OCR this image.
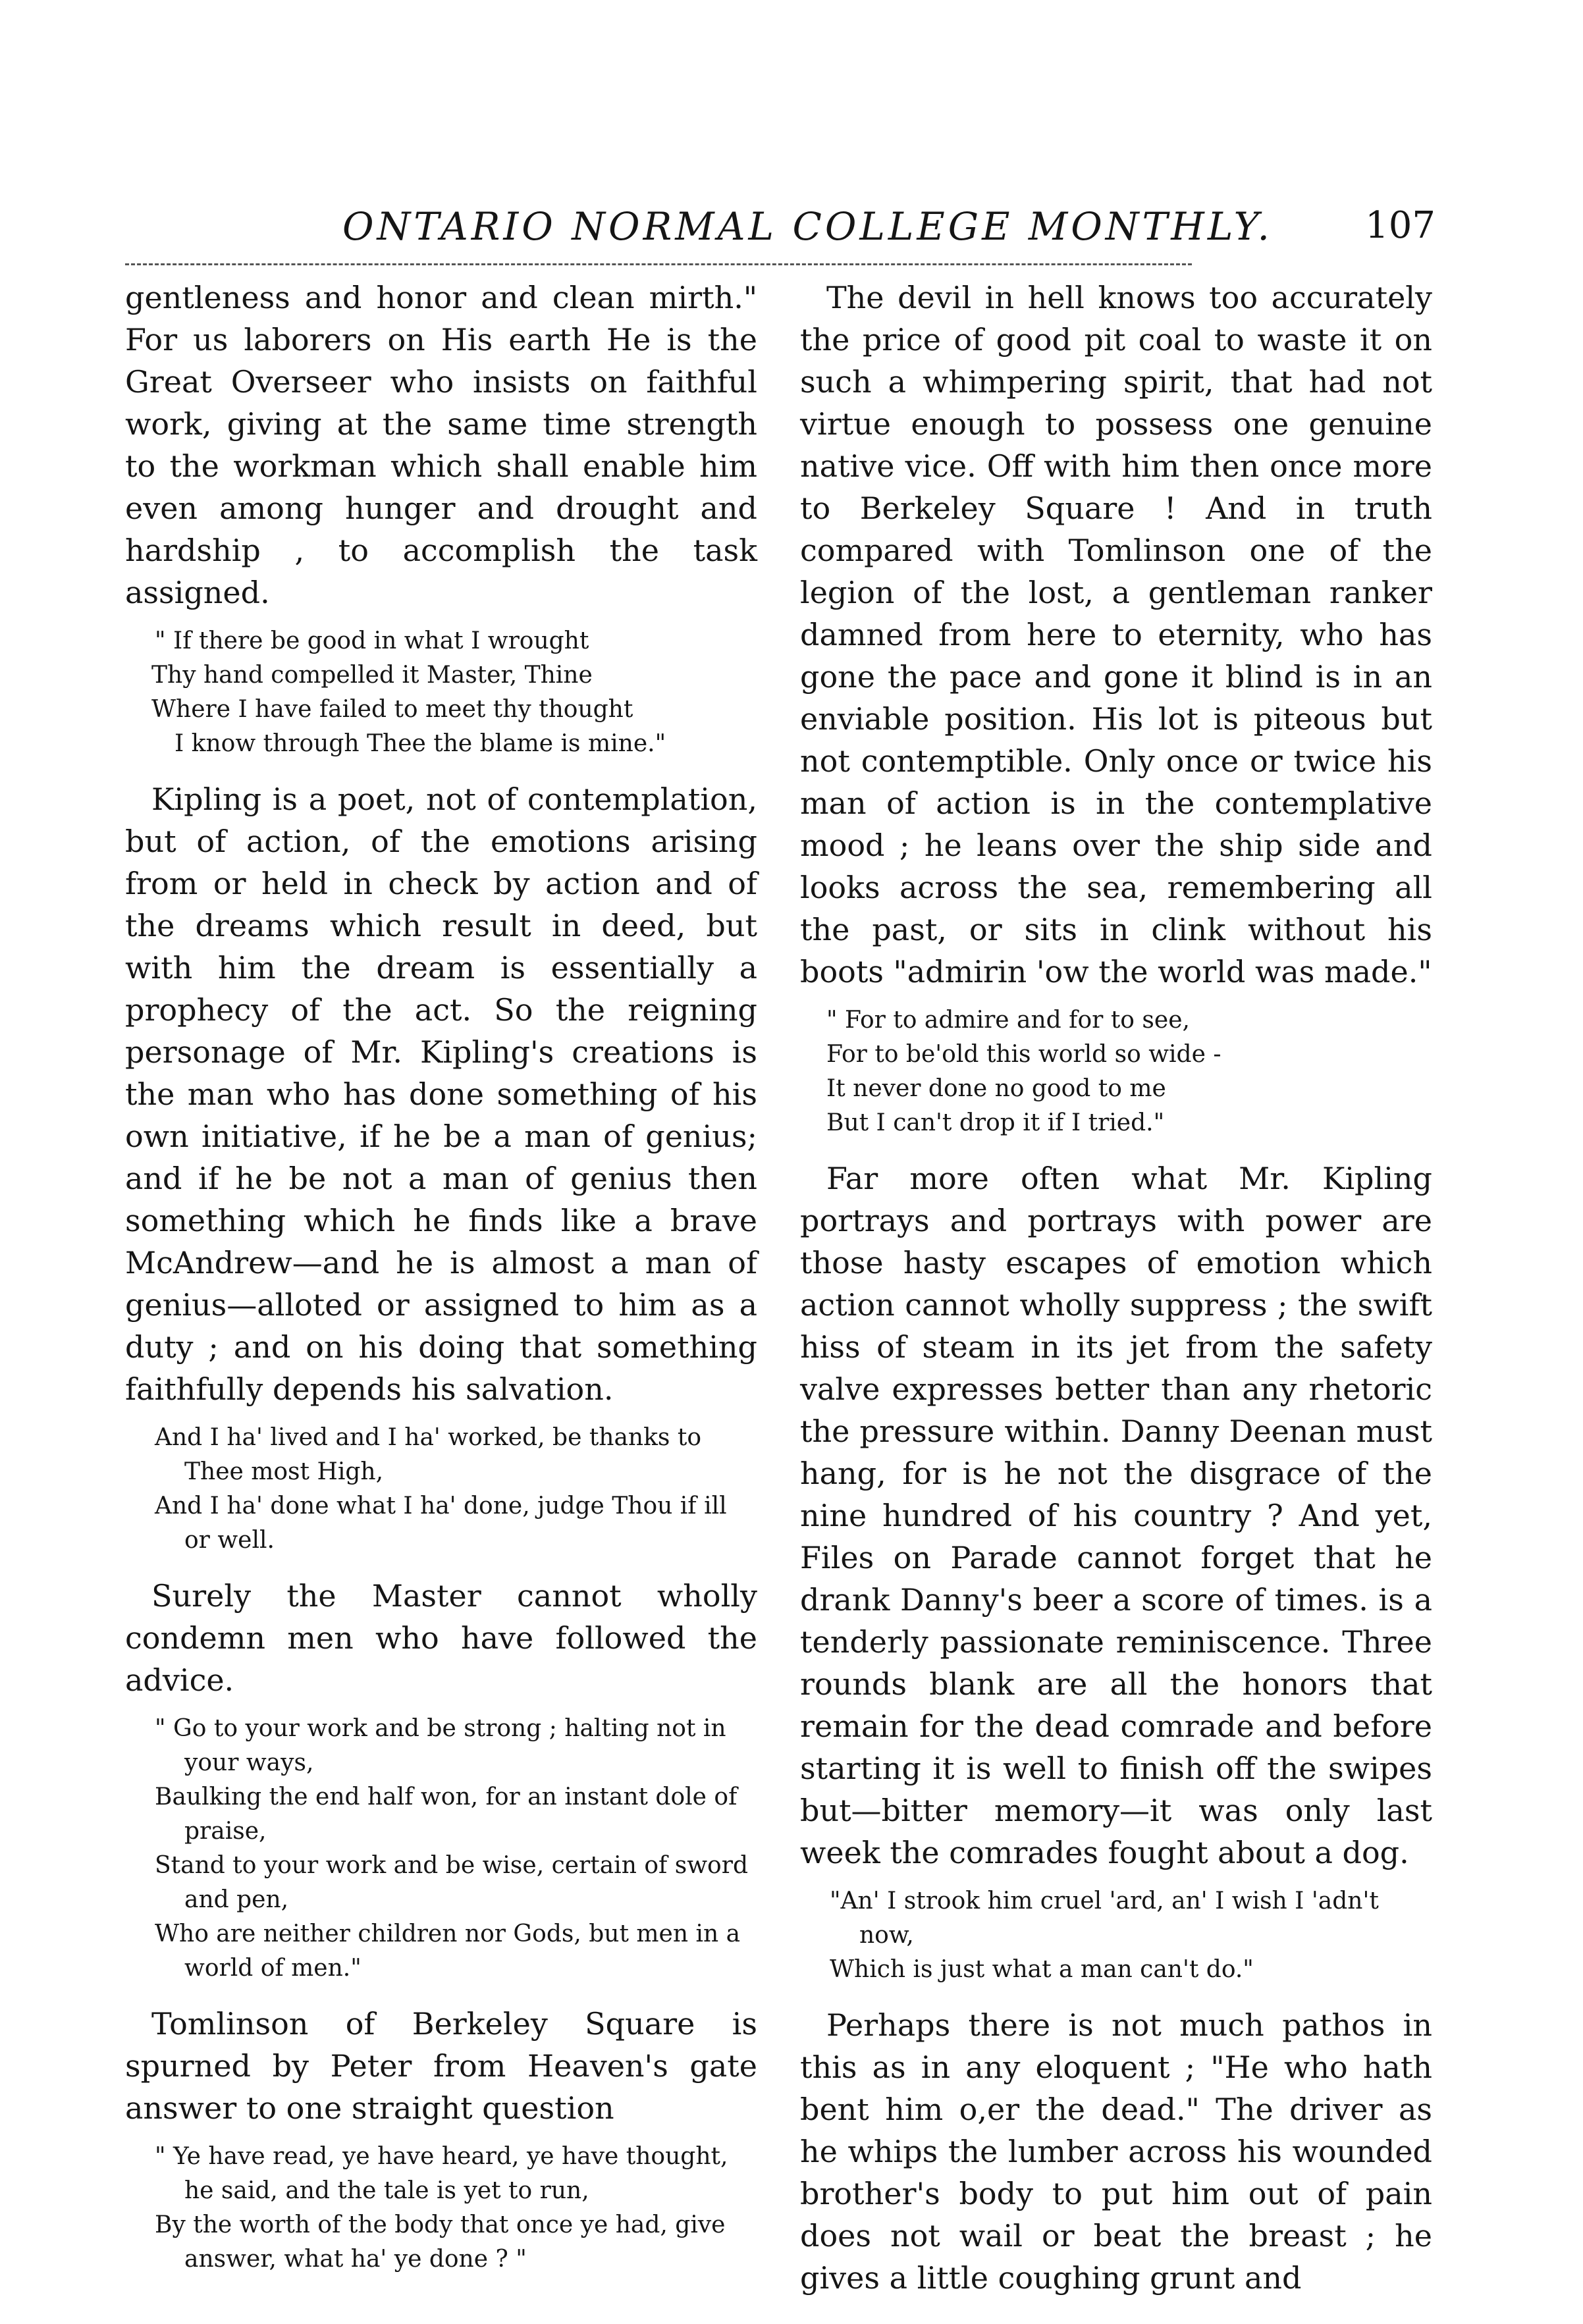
ONTARIO NORMAL COLLEGE MONTHLY.	107

gentleness and honor and clean mirth." For us laborers on His earth He is the Great Overseer who insists on faithful work, giving at the same time strength to the workman which shall enable him even among hunger and drought and hardship , to accomplish the task assigned.

" If there be good in what I wrought
Thy hand compelled it Master, Thine
Where I have failed to meet thy thought
I know through Thee the blame is mine."

Kipling is a poet, not of contemplation, but of action, of the emotions arising from or held in check by action and of the dreams which result in deed, but with him the dream is essentially a prophecy of the act. So the reigning personage of Mr. Kipling's creations is the man who has done something of his own initiative, if he be a man of genius; and if he be not a man of genius then something which he finds like a brave McAndrew—and he is almost a man of genius—alloted or assigned to him as a duty ; and on his doing that something faithfully depends his salvation.

And I ha' lived and I ha' worked, be thanks to Thee most High,
And I ha' done what I ha' done, judge Thou if ill or well.

Surely the Master cannot wholly condemn men who have followed the advice.

" Go to your work and be strong ; halting not in your ways,
Baulking the end half won, for an instant dole of praise,
Stand to your work and be wise, certain of sword and pen,
Who are neither children nor Gods, but men in a world of men."

Tomlinson of Berkeley Square is spurned by Peter from Heaven's gate answer to one straight question

" Ye have read, ye have heard, ye have thought, he said, and the tale is yet to run,
By the worth of the body that once ye had, give answer, what ha' ye done ? "

The devil in hell knows too accurately the price of good pit coal to waste it on such a whimpering spirit, that had not virtue enough to possess one genuine native vice. Off with him then once more to Berkeley Square ! And in truth compared with Tomlinson one of the legion of the lost, a gentleman ranker damned from here to eternity, who has gone the pace and gone it blind is in an enviable position. His lot is piteous but not contemptible. Only once or twice his man of action is in the contemplative mood ; he leans over the ship side and looks across the sea, remembering all the past, or sits in clink without his boots "admirin 'ow the world was made."

" For to admire and for to see,
For to be'old this world so wide -
It never done no good to me
But I can't drop it if I tried."

Far more often what Mr. Kipling portrays and portrays with power are those hasty escapes of emotion which action cannot wholly suppress ; the swift hiss of steam in its jet from the safety valve expresses better than any rhetoric the pressure within. Danny Deenan must hang, for is he not the disgrace of the nine hundred of his country ? And yet, Files on Parade cannot forget that he drank Danny's beer a score of times. is a tenderly passionate reminiscence. Three rounds blank are all the honors that remain for the dead comrade and before starting it is well to finish off the swipes but—bitter memory—it was only last week the comrades fought about a dog.

"An' I strook him cruel 'ard, an' I wish I 'adn't now,
Which is just what a man can't do."

Perhaps there is not much pathos in this as in any eloquent ; "He who hath bent him o,er the dead." The driver as he whips the lumber across his wounded brother's body to put him out of pain does not wail or beat the breast ; he gives a little coughing grunt and
